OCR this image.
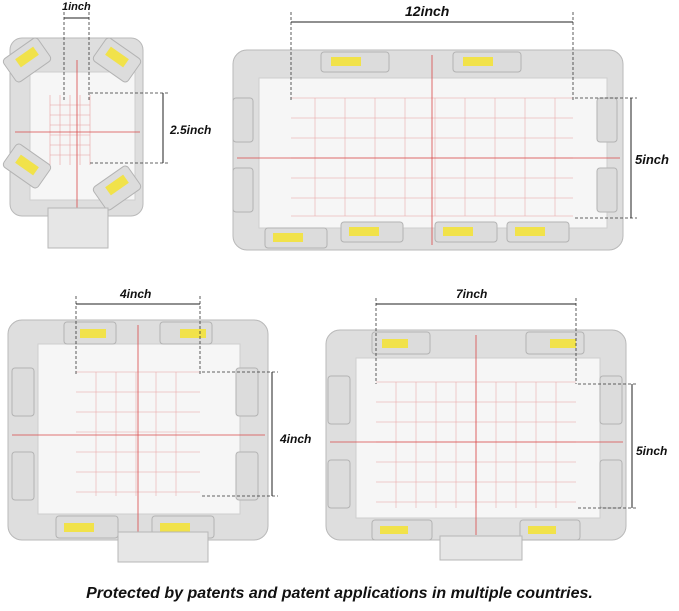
1inch
2.5inch
12inch
5inch
4inch
4inch
7inch
5inch
Protected by patents and patent applications in multiple countries.
